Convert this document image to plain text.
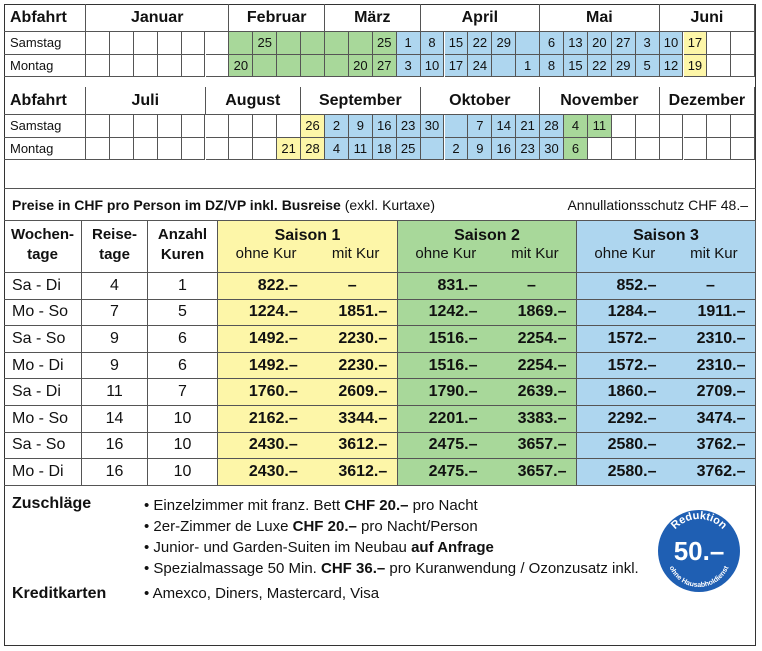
Abfahrt	Januar	Februar	März	April	Mai	Juni
Samstag	25	25	1	8	15 22 29	6	13 20 27	3	10 17
Montag	20	20 27	3	10 17 24	1	8	15 22 29	5	12 19
Abfahrt	Juli	August	September	Oktober	November	Dezember
Samstag	26	2	9	16 23 30	7	14 21 28	4	11
Montag	21 28	4	11 18 25	2	9	16 23 30	6
Preise in CHF pro Person im DZ/VP inkl. Busreise (exkl. Kurtaxe)	Annullationsschutz CHF 48.–
Wochen-
tage
Reise-
tage
Anzahl
Kuren
Saison 1
ohne Kur mit Kur
Saison 2
ohne Kur mit Kur
Saison 3
ohne Kur mit Kur
Sa - Di	4	1	822.–	–	831.–	–	852.–	–
Mo - So	7	5	1224.–	1851.–	1242.–	1869.–	1284.–	1911.–
Sa - So	9	6	1492.–	2230.–	1516.–	2254.–	1572.–	2310.–
Mo - Di	9	6	1492.–	2230.–	1516.–	2254.–	1572.–	2310.–
Sa - Di	11	7	1760.–	2609.–	1790.–	2639.–	1860.–	2709.–
Mo - So	14	10	2162.–	3344.–	2201.–	3383.–	2292.–	3474.–
Sa - So	16	10	2430.–	3612.–	2475.–	3657.–	2580.–	3762.–
Mo - Di	16	10	2430.–	3612.–	2475.–	3657.–	2580.–	3762.–
Zuschläge
•	Einzelzimmer mit franz. Bett CHF 20.– pro Nacht
• 2er-Zimmer de Luxe CHF 20.– pro Nacht/Person
• Junior- und Garden-Suiten im Neubau auf Anfrage
• Spezialmassage 50 Min. CHF 36.– pro Kuranwendung / Ozonzusatz inkl.
Kreditkarten	• Amexco, Diners, Mastercard, Visa
Reduktion
50.–
ohne Hausabholdienst
